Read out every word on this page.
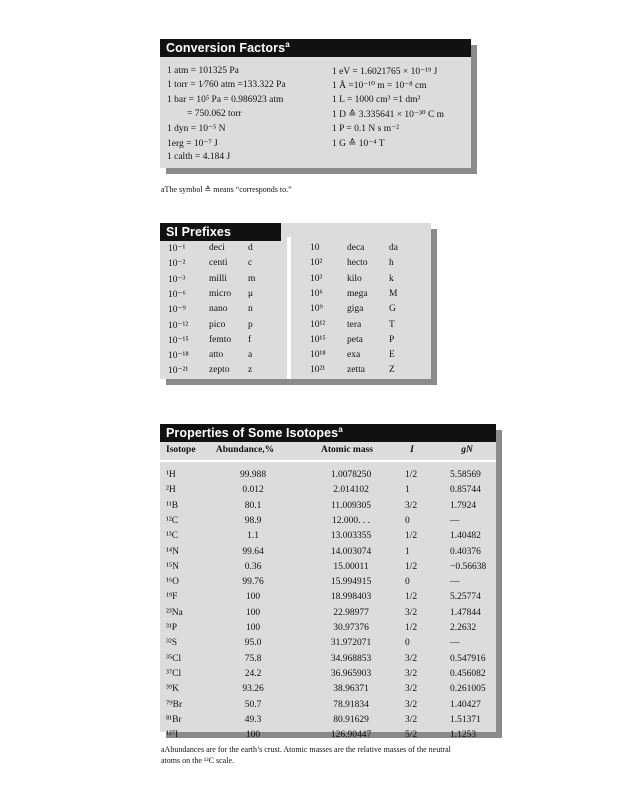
Conversion Factors$^a$
1 atm = 101325 Pa
1 torr = 1⁄760 atm =133.322 Pa
1 bar = 10⁵ Pa = 0.986923 atm
= 750.062 torr
1 dyn = 10⁻⁵ N
1erg = 10⁻⁷ J
1 calth = 4.184 J
1 eV = 1.6021765 × 10⁻¹⁹ J
1 Å =10⁻¹⁰ m = 10⁻⁸ cm
1 L = 1000 cm³ =1 dm³
1 D ≙ 3.335641 × 10⁻³⁰ C m
1 P = 0.1 N s m⁻²
1 G ≙ 10⁻⁴ T
aThe symbol ≙ means “corresponds to.”
SI Prefixes
10⁻¹ deci d
10⁻² centi c
10⁻³ milli m
10⁻⁶ micro μ
10⁻⁹ nano n
10⁻¹² pico p
10⁻¹⁵ femto f
10⁻¹⁸ atto	a
10⁻²¹ zepto z
10	deca	da
10²	hecto h
10³	kilo	k
10⁶	mega M
10⁹	giga	G
10¹² tera	T
10¹⁵ peta	P
10¹⁸ exa	E
10²¹ zetta	Z
Properties of Some Isotopes$^a$
Isotope	Abundance,%	Atomic mass	I	gN
¹H	99.988	1.0078250	1/2	5.58569
²H	0.012	2.014102	1	0.85744
¹¹B	80.1	11.009305	3/2	1.7924
¹²C	98.9	12.000. . .	0	—
¹³C	1.1	13.003355	1/2	1.40482
¹⁴N	99.64	14.003074	1	0.40376
¹⁵N	0.36	15.00011	1/2	−0.56638
¹⁶O	99.76	15.994915	0	—
¹⁹F	100	18.998403	1/2	5.25774
²³Na	100	22.98977	3/2	1.47844
³¹P	100	30.97376	1/2	2.2632
³²S	95.0	31.972071	0	—
³⁵Cl	75.8	34.968853	3/2	0.547916
³⁷Cl	24.2	36.965903	3/2	0.456082
³⁹K	93.26	38.96371	3/2	0.261005
⁷⁹Br	50.7	78.91834	3/2	1.40427
⁸¹Br	49.3	80.91629	3/2	1.51371
¹²⁷I	100	126.90447	5/2	1.1253
aAbundances are for the earth’s crust. Atomic masses are the relative masses of the neutral
atoms on the ¹²C scale.
